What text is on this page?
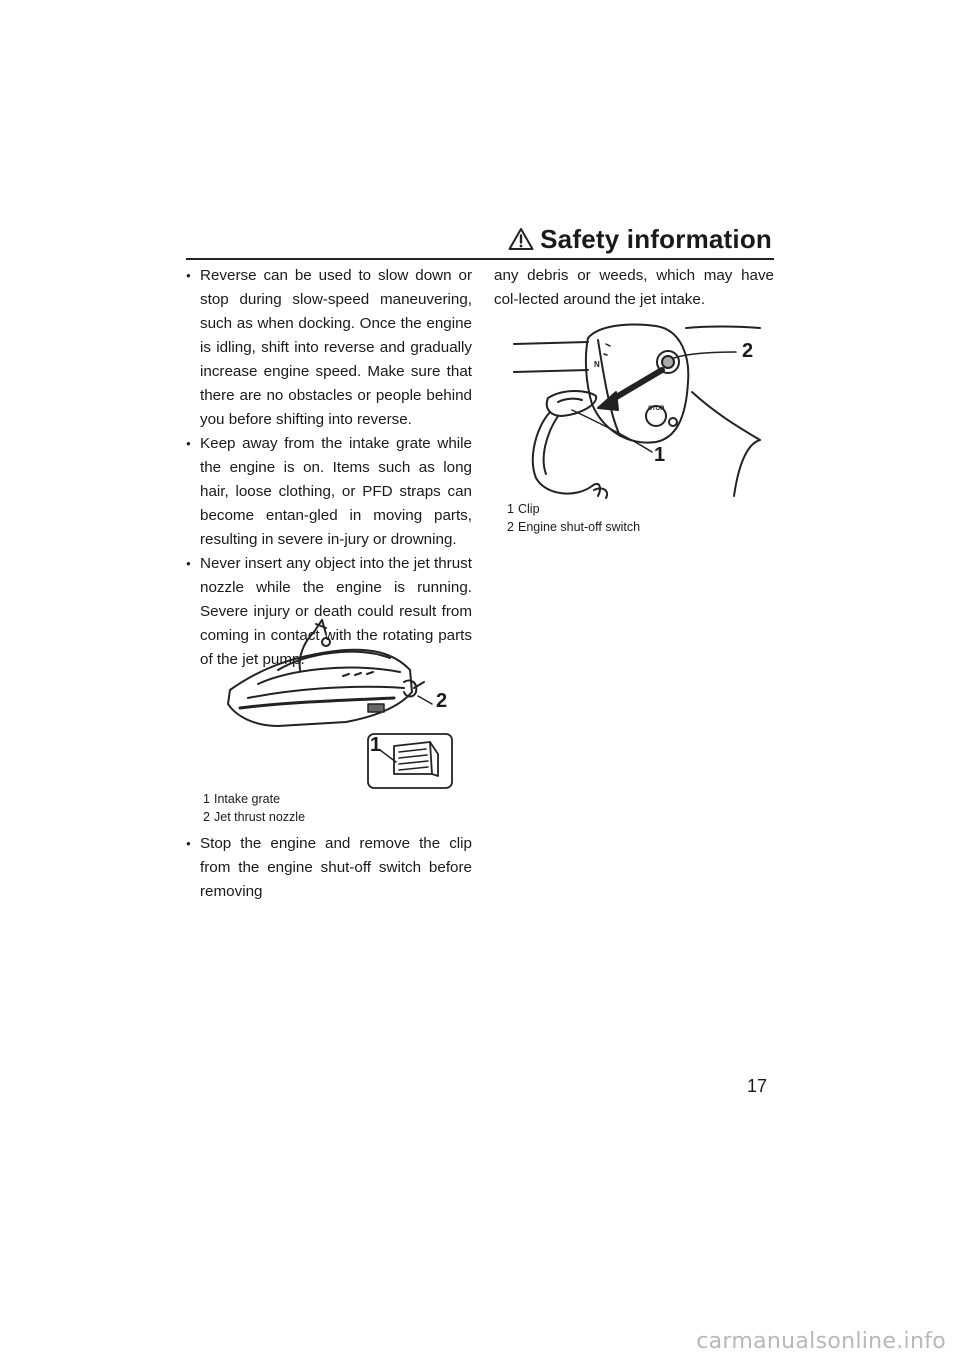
Safety information

● Reverse can be used to slow down or stop during slow-speed maneuvering, such as when docking. Once the engine is idling, shift into reverse and gradually increase engine speed. Make sure that there are no obstacles or people behind you before shifting into reverse.

● Keep away from the intake grate while the engine is on. Items such as long hair, loose clothing, or PFD straps can become entan-gled in moving parts, resulting in severe in-jury or drowning.

● Never insert any object into the jet thrust nozzle while the engine is running. Severe injury or death could result from coming in contact with the rotating parts of the jet pump.

2
1
1 Intake grate
2 Jet thrust nozzle

● Stop the engine and remove the clip from the engine shut-off switch before removing

any debris or weeds, which may have col-lected around the jet intake.

2
1
STOP
N
1 Clip
2 Engine shut-off switch
17
carmanualsonline.info
